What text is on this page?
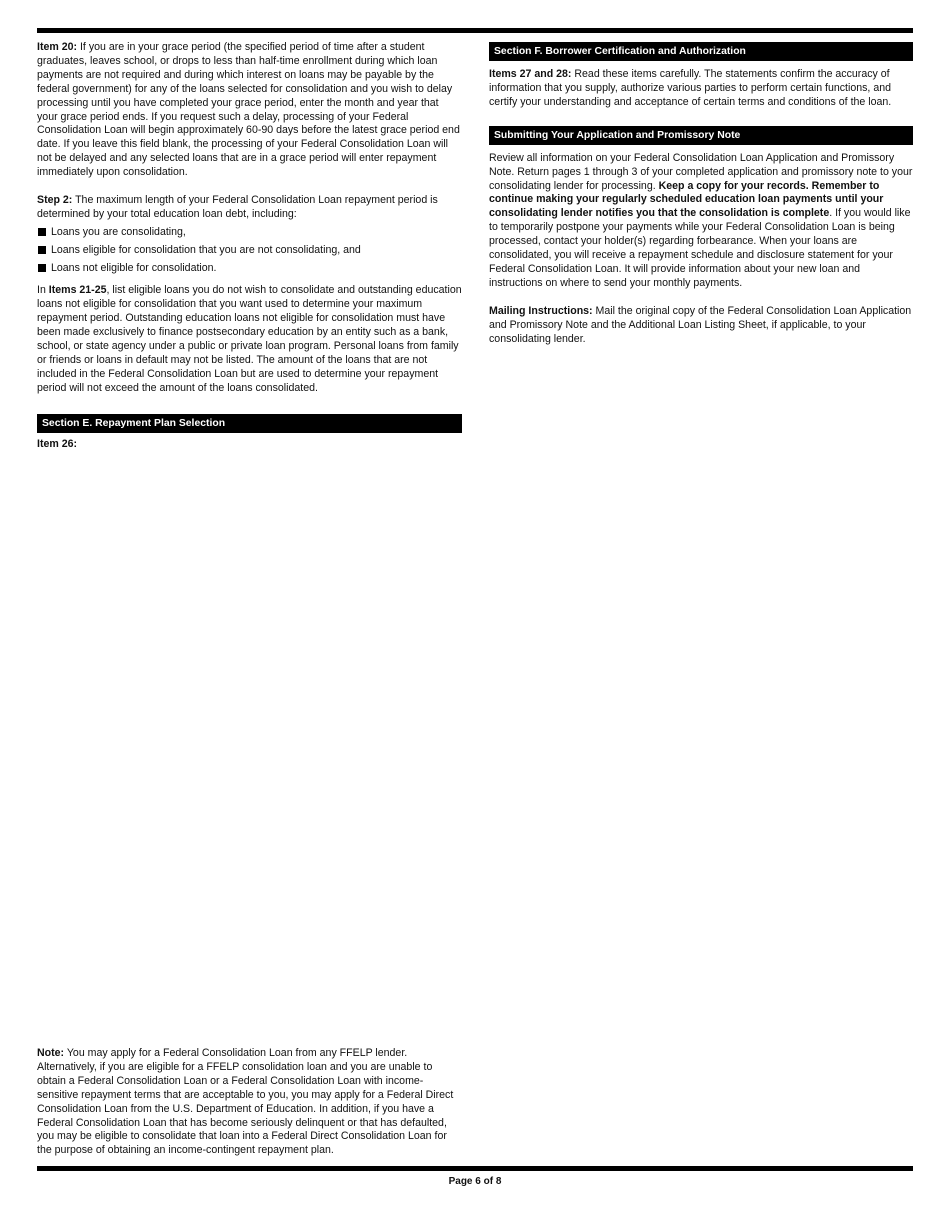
Item 20: If you are in your grace period (the specified period of time after a student graduates, leaves school, or drops to less than half-time enrollment during which loan payments are not required and during which interest on loans may be payable by the federal government) for any of the loans selected for consolidation and you wish to delay processing until you have completed your grace period, enter the month and year that your grace period ends. If you request such a delay, processing of your Federal Consolidation Loan will begin approximately 60-90 days before the latest grace period end date. If you leave this field blank, the processing of your Federal Consolidation Loan will not be delayed and any selected loans that are in a grace period will enter repayment immediately upon consolidation.

Step 2: The maximum length of your Federal Consolidation Loan repayment period is determined by your total education loan debt, including:

Loans you are consolidating,
Loans eligible for consolidation that you are not consolidating, and
Loans not eligible for consolidation.

In Items 21-25, list eligible loans you do not wish to consolidate and outstanding education loans not eligible for consolidation that you want used to determine your maximum repayment period. Outstanding education loans not eligible for consolidation must have been made exclusively to finance postsecondary education by an entity such as a bank, school, or state agency under a public or private loan program. Personal loans from family or friends or loans in default may not be listed. The amount of the loans that are not included in the Federal Consolidation Loan but are used to determine your repayment period will not exceed the amount of the loans consolidated.

Section E. Repayment Plan Selection

Item 26:

Note: You may apply for a Federal Consolidation Loan from any FFELP lender. Alternatively, if you are eligible for a FFELP consolidation loan and you are unable to obtain a Federal Consolidation Loan or a Federal Consolidation Loan with income-sensitive repayment terms that are acceptable to you, you may apply for a Federal Direct Consolidation Loan from the U.S. Department of Education. In addition, if you have a Federal Consolidation Loan that has become seriously delinquent or that has defaulted, you may be eligible to consolidate that loan into a Federal Direct Consolidation Loan for the purpose of obtaining an income-contingent repayment plan.

Section F. Borrower Certification and Authorization

Items 27 and 28: Read these items carefully. The statements confirm the accuracy of information that you supply, authorize various parties to perform certain functions, and certify your understanding and acceptance of certain terms and conditions of the loan.

Submitting Your Application and Promissory Note

Review all information on your Federal Consolidation Loan Application and Promissory Note. Return pages 1 through 3 of your completed application and promissory note to your consolidating lender for processing. Keep a copy for your records. Remember to continue making your regularly scheduled education loan payments until your consolidating lender notifies you that the consolidation is complete. If you would like to temporarily postpone your payments while your Federal Consolidation Loan is being processed, contact your holder(s) regarding forbearance. When your loans are consolidated, you will receive a repayment schedule and disclosure statement for your Federal Consolidation Loan. It will provide information about your new loan and instructions on where to send your monthly payments.

Mailing Instructions: Mail the original copy of the Federal Consolidation Loan Application and Promissory Note and the Additional Loan Listing Sheet, if applicable, to your consolidating lender.

Page 6 of 8
